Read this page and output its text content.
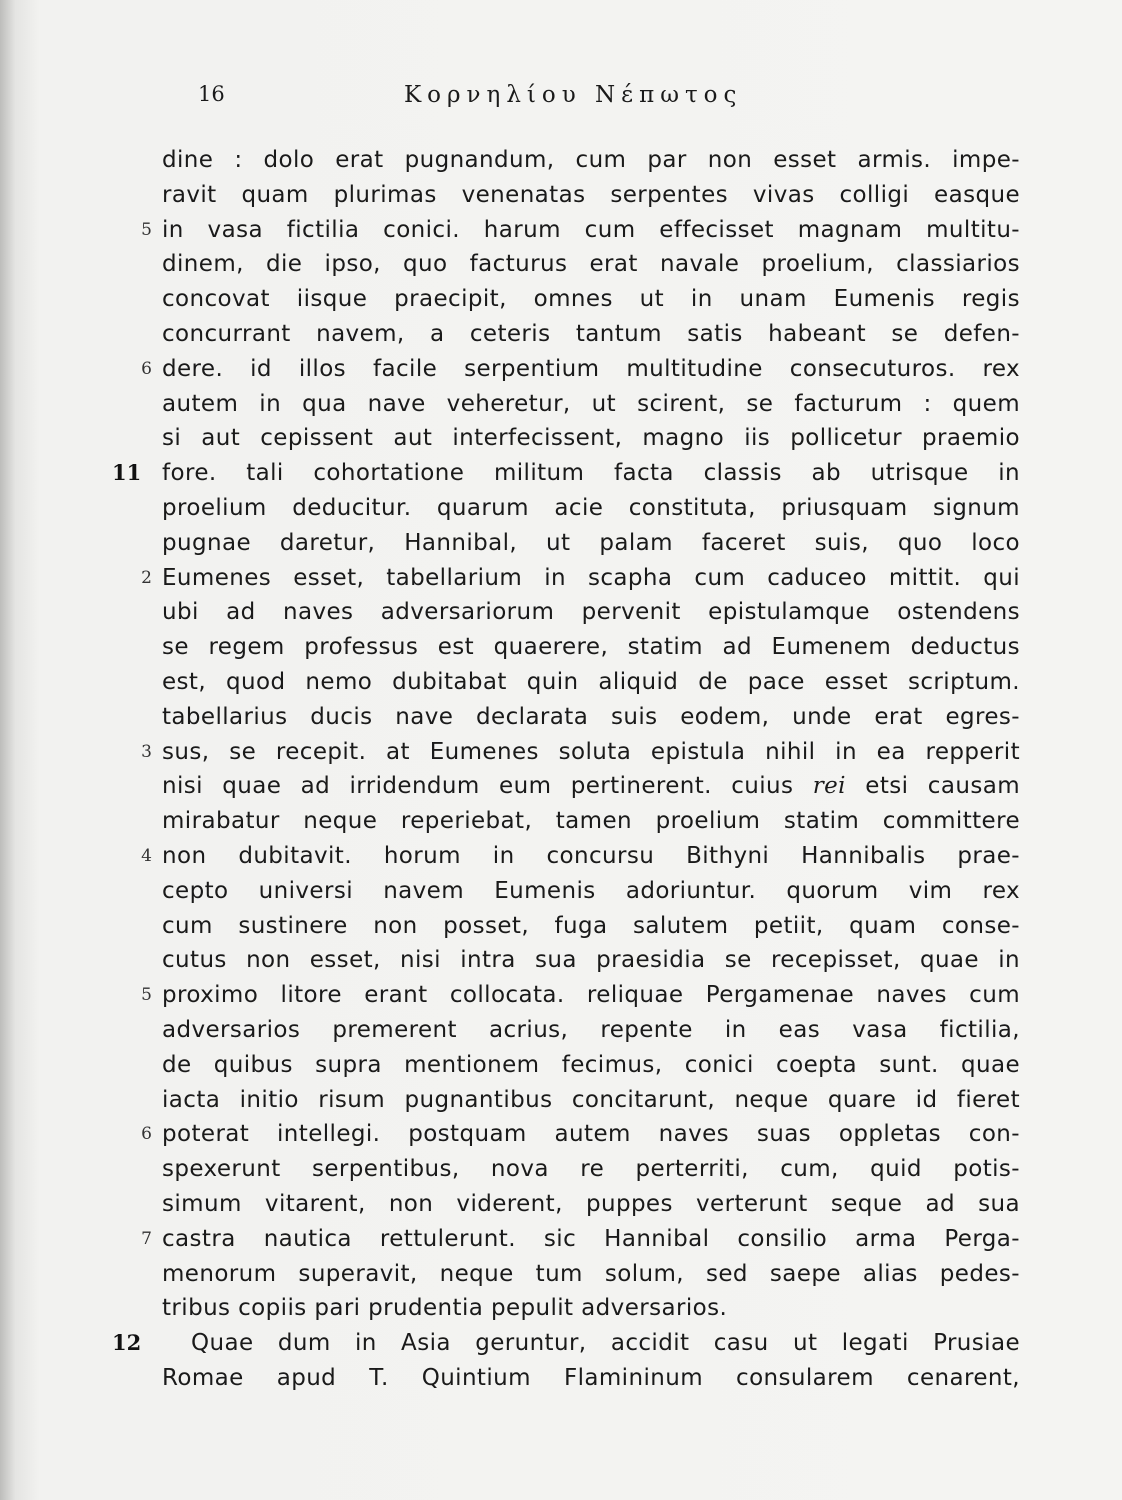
16	Κορνηλίου Νέπωτος
dine : dolo erat pugnandum, cum par non esset armis. impe-
ravit quam plurimas venenatas serpentes vivas colligi easque
5 in vasa fictilia conici. harum cum effecisset magnam multitu-
dinem, die ipso, quo facturus erat navale proelium, classiarios
concovat iisque praecipit, omnes ut in unam Eumenis regis
concurrant navem, a ceteris tantum satis habeant se defen-
6 dere. id illos facile serpentium multitudine consecuturos. rex
autem in qua nave veheretur, ut scirent, se facturum : quem
si aut cepissent aut interfecissent, magno iis pollicetur praemio
11 fore. tali cohortatione militum facta classis ab utrisque in
proelium deducitur. quarum acie constituta, priusquam signum
pugnae daretur, Hannibal, ut palam faceret suis, quo loco
2 Eumenes esset, tabellarium in scapha cum caduceo mittit. qui
ubi ad naves adversariorum pervenit epistulamque ostendens
se regem professus est quaerere, statim ad Eumenem deductus
est, quod nemo dubitabat quin aliquid de pace esset scriptum.
tabellarius ducis nave declarata suis eodem, unde erat egres-
3 sus, se recepit. at Eumenes soluta epistula nihil in ea repperit
nisi quae ad irridendum eum pertinerent. cuius rei etsi causam
mirabatur neque reperiebat, tamen proelium statim committere
4 non dubitavit. horum in concursu Bithyni Hannibalis prae-
cepto universi navem Eumenis adoriuntur. quorum vim rex
cum sustinere non posset, fuga salutem petiit, quam conse-
cutus non esset, nisi intra sua praesidia se recepisset, quae in
5 proximo litore erant collocata. reliquae Pergamenae naves cum
adversarios premerent acrius, repente in eas vasa fictilia,
de quibus supra mentionem fecimus, conici coepta sunt. quae
iacta initio risum pugnantibus concitarunt, neque quare id fieret
6 poterat intellegi. postquam autem naves suas oppletas con-
spexerunt serpentibus, nova re perterriti, cum, quid potis-
simum vitarent, non viderent, puppes verterunt seque ad sua
7 castra nautica rettulerunt. sic Hannibal consilio arma Perga-
menorum superavit, neque tum solum, sed saepe alias pedes-
tribus copiis pari prudentia pepulit adversarios.
12	Quae dum in Asia geruntur, accidit casu ut legati Prusiae
Romae apud T. Quintium Flamininum consularem cenarent,
